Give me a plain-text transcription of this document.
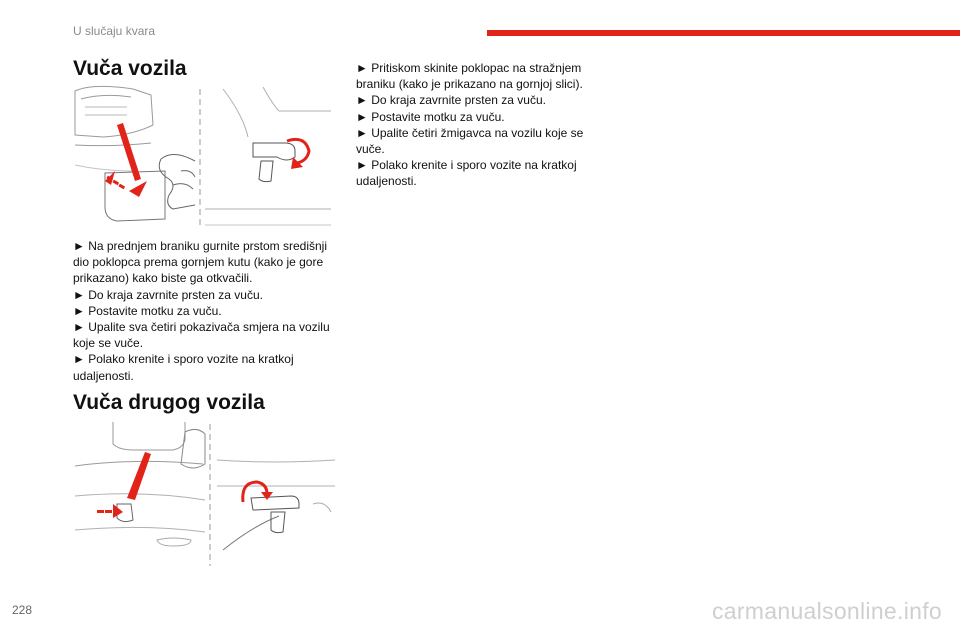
U slučaju kvara
Vuča vozila
► Na prednjem braniku gurnite prstom središnji dio poklopca prema gornjem kutu (kako je gore prikazano) kako biste ga otkvačili.
► Do kraja zavrnite prsten za vuču.
► Postavite motku za vuču.
► Upalite sva četiri pokazivača smjera na vozilu koje se vuče.
► Polako krenite i sporo vozite na kratkoj udaljenosti.
Vuča drugog vozila
► Pritiskom skinite poklopac na stražnjem braniku (kako je prikazano na gornjoj slici).
► Do kraja zavrnite prsten za vuču.
► Postavite motku za vuču.
► Upalite četiri žmigavca na vozilu koje se vuče.
► Polako krenite i sporo vozite na kratkoj udaljenosti.
228	carmanualsonline.info
